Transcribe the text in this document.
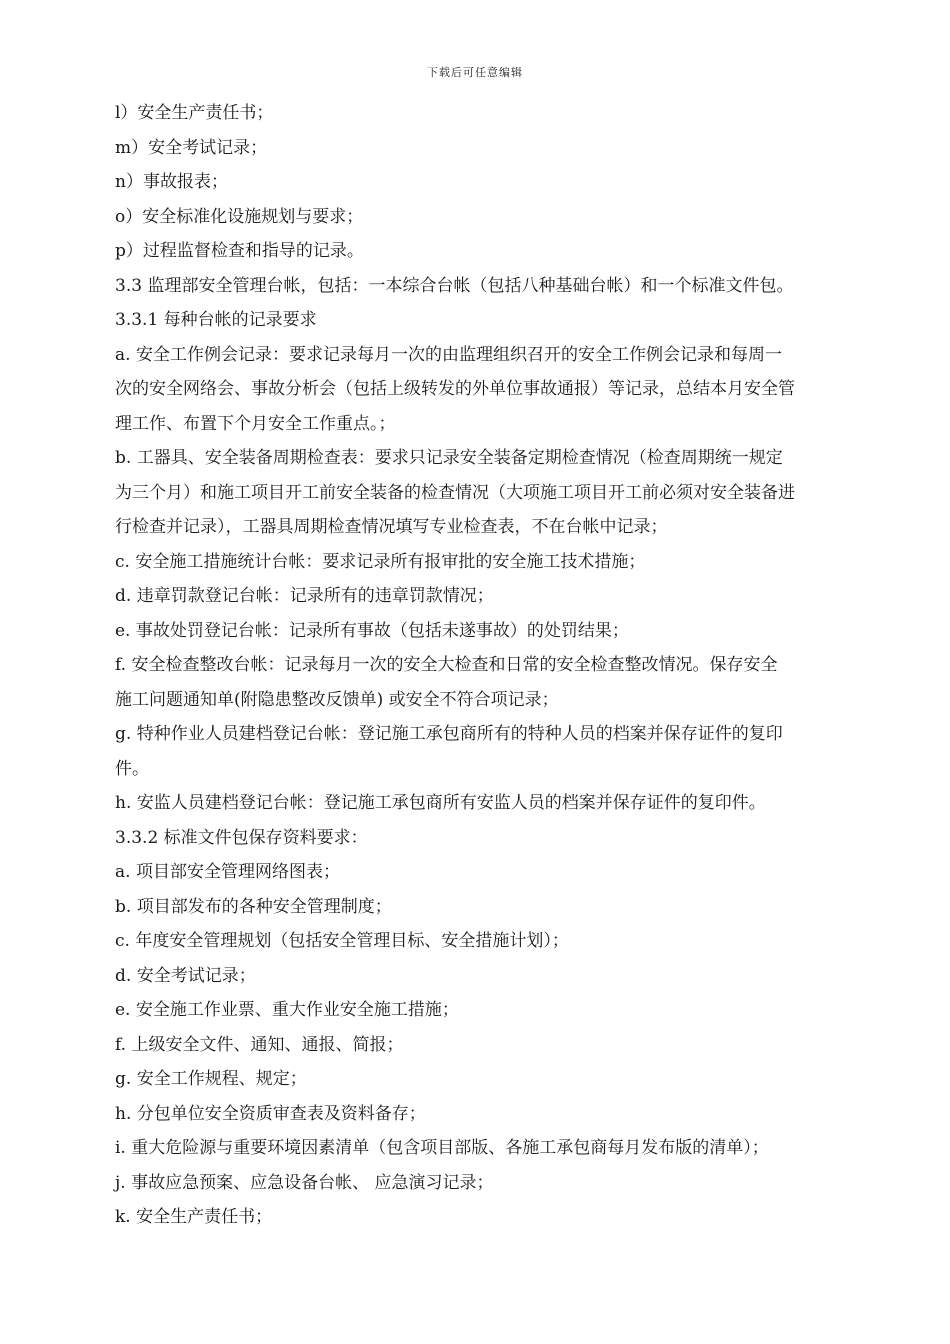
下载后可任意编辑
l）安全生产责任书；
m）安全考试记录；
n）事故报表；
o）安全标准化设施规划与要求；
p）过程监督检查和指导的记录。
3.3 监理部安全管理台帐，包括：一本综合台帐（包括八种基础台帐）和一个标准文件包。
3.3.1 每种台帐的记录要求
a. 安全工作例会记录：要求记录每月一次的由监理组织召开的安全工作例会记录和每周一
次的安全网络会、事故分析会（包括上级转发的外单位事故通报）等记录，总结本月安全管
理工作、布置下个月安全工作重点。；
b. 工器具、安全装备周期检查表：要求只记录安全装备定期检查情况（检查周期统一规定
为三个月）和施工项目开工前安全装备的检查情况（大项施工项目开工前必须对安全装备进
行检查并记录），工器具周期检查情况填写专业检查表，不在台帐中记录；
c. 安全施工措施统计台帐：要求记录所有报审批的安全施工技术措施；
d. 违章罚款登记台帐：记录所有的违章罚款情况；
e. 事故处罚登记台帐：记录所有事故（包括未遂事故）的处罚结果；
f. 安全检查整改台帐：记录每月一次的安全大检查和日常的安全检查整改情况。保存安全
施工问题通知单(附隐患整改反馈单) 或安全不符合项记录；
g. 特种作业人员建档登记台帐：登记施工承包商所有的特种人员的档案并保存证件的复印
件。
h. 安监人员建档登记台帐：登记施工承包商所有安监人员的档案并保存证件的复印件。
3.3.2 标准文件包保存资料要求：
a. 项目部安全管理网络图表；
b. 项目部发布的各种安全管理制度；
c. 年度安全管理规划（包括安全管理目标、安全措施计划）；
d. 安全考试记录；
e. 安全施工作业票、重大作业安全施工措施；
f. 上级安全文件、通知、通报、简报；
g. 安全工作规程、规定；
h. 分包单位安全资质审查表及资料备存；
i. 重大危险源与重要环境因素清单（包含项目部版、各施工承包商每月发布版的清单）；
j. 事故应急预案、应急设备台帐、 应急演习记录；
k. 安全生产责任书；
